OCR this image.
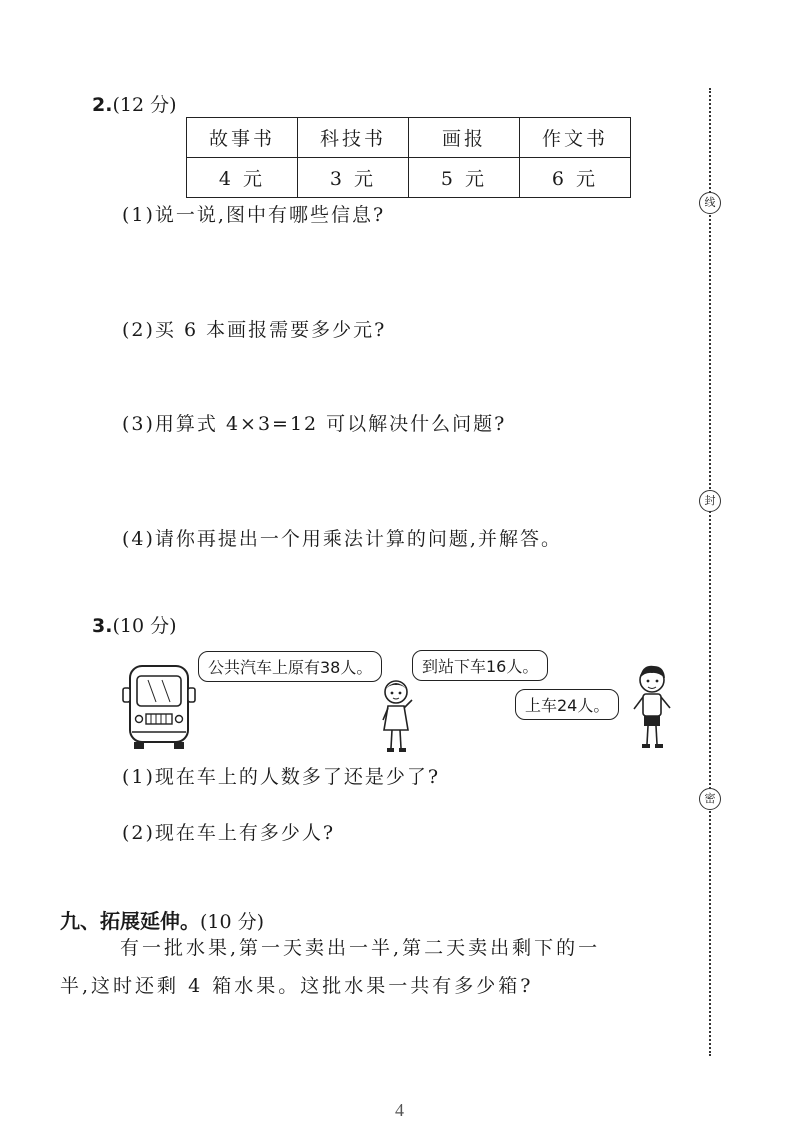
2.(12 分)
故事书	科技书	画报	作文书
4 元	3 元	5 元	6 元
(1)说一说,图中有哪些信息?
(2)买 6 本画报需要多少元?
(3)用算式 4×3=12 可以解决什么问题?
(4)请你再提出一个用乘法计算的问题,并解答。
3.(10 分)
公共汽车上原有38人。	到站下车16人。
上车24人。
(1)现在车上的人数多了还是少了?
(2)现在车上有多少人?
九、拓展延伸。(10 分)
有一批水果,第一天卖出一半,第二天卖出剩下的一
半,这时还剩 4 箱水果。这批水果一共有多少箱?
线
封
密
4
